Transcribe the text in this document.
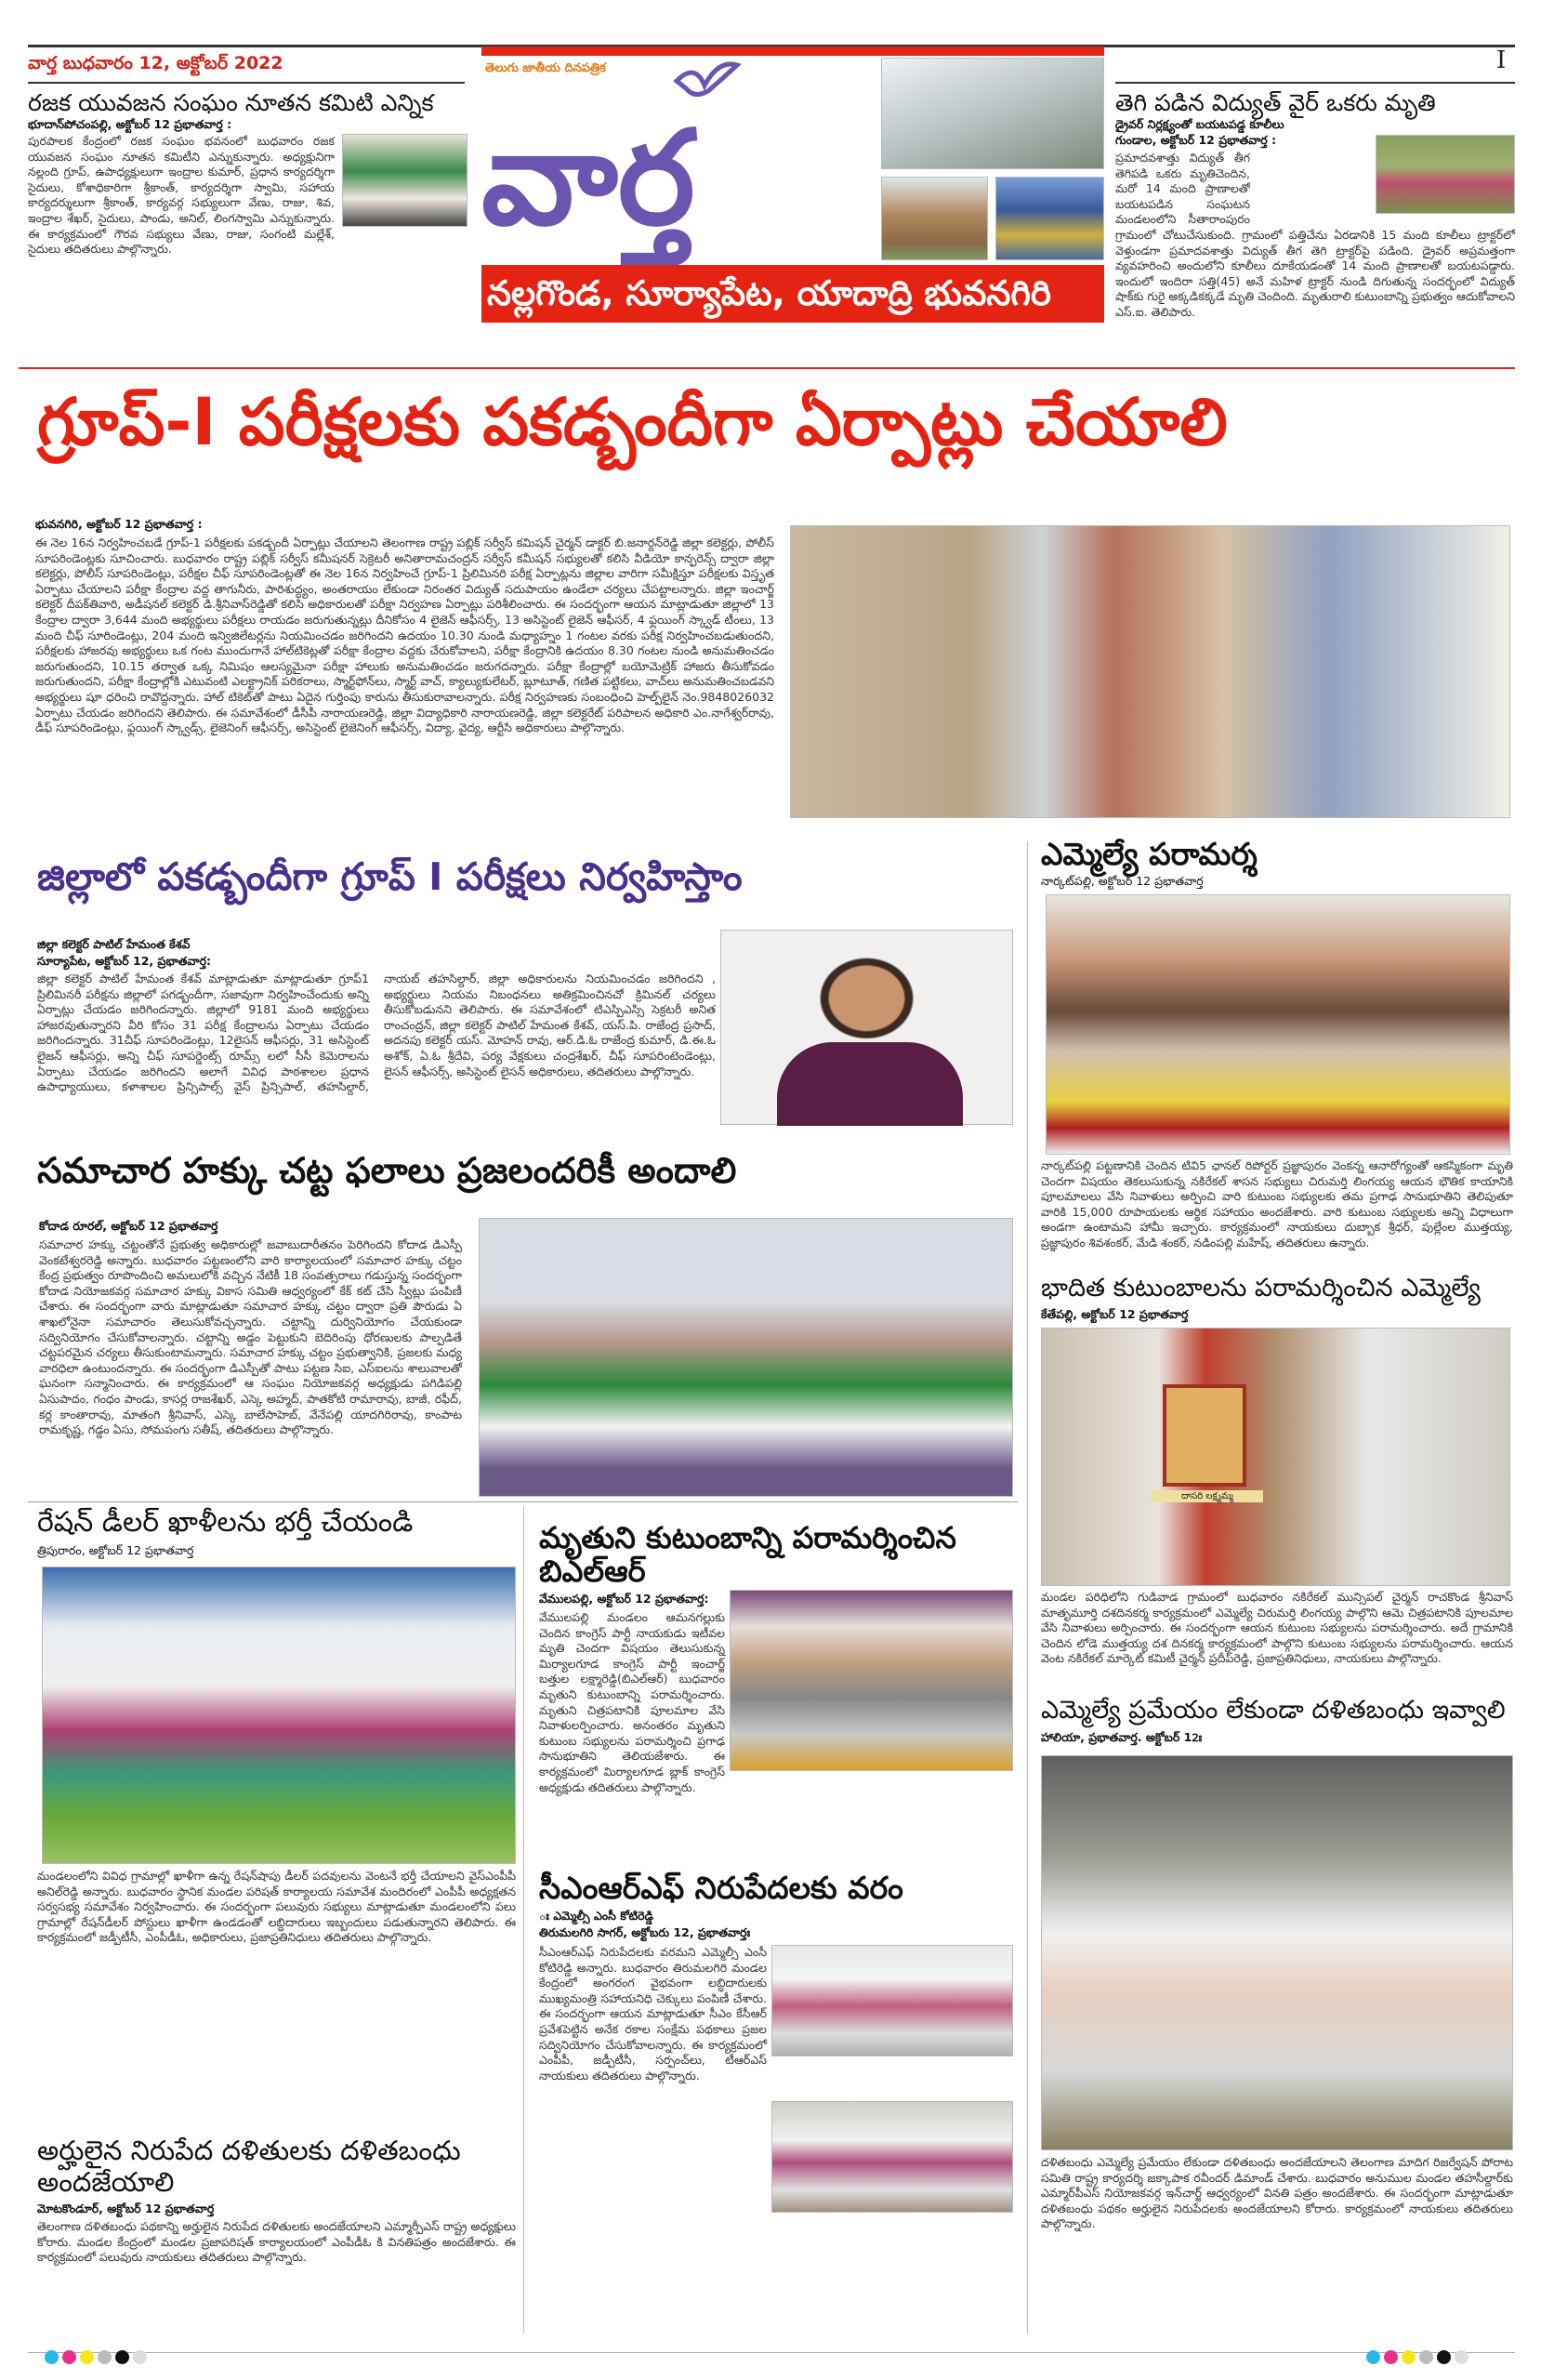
వార్త బుధవారం 12, అక్టోబర్ 2022	I
తెలుగు జాతీయ దినపత్రిక
వార్త
నల్లగొండ, సూర్యాపేట, యాదాద్రి భువనగిరి
రజక యువజన సంఘం నూతన కమిటి ఎన్నిక
భూదాన్‌పోచంపల్లి, అక్టోబర్ 12 ప్రభాతవార్త :
పురపాలక కేంద్రంలో రజక సంఘం భవనంలో బుధవారం రజక యువజన సంఘం నూతన కమిటీని ఎన్నుకున్నారు. అధ్యక్షునిగా నల్లంది గ్రూప్, ఉపాధ్యక్షులుగా ఇంద్రాల కుమార్, ప్రధాన కార్యదర్శిగా సైదులు, కోశాధికారిగా శ్రీకాంత్, కార్యదర్శిగా స్వామి, సహాయ కార్యదర్శులుగా శ్రీకాంత్, కార్యవర్గ సభ్యులుగా వేణు, రాజు, శివ, ఇంద్రాల శేఖర్, సైదులు, పాండు, అనిల్, లింగస్వామి ఎన్నుకున్నారు. ఈ కార్యక్రమంలో గౌరవ సభ్యులు వేణు, రాజు, సంగంటి మల్లేశ్, సైదులు తదితరులు పాల్గొన్నారు.
తెగి పడిన విద్యుత్ వైర్ ఒకరు మృతి
డ్రైవర్ నిర్లక్ష్యంతో బయటపడ్డ కూలీలు
గుండాల, అక్టోబర్ 12 ప్రభాతవార్త :
ప్రమాదవశాత్తు విద్యుత్ తీగ తెగిపడి ఒకరు మృతిచెందిన, మరో 14 మంది ప్రాణాలతో బయటపడిన సంఘటన మండలంలోని సీతారాంపురం గ్రామంలో చోటుచేసుకుంది. గ్రామంలో పత్తిచేను ఏరడానికి 15 మంది కూలీలు ట్రాక్టర్‌లో వెళ్తుండగా ప్రమాదవశాత్తు విద్యుత్ తీగ తెగి ట్రాక్టర్‌పై పడింది. డ్రైవర్ అప్రమత్తంగా వ్యవహరించి అందులోని కూలీలు దూకేయడంతో 14 మంది ప్రాణాలతో బయటపడ్డారు. ఇందులో ఇందిరా సత్తి(45) అనే మహిళ ట్రాక్టర్ నుండి దిగుతున్న సందర్భంలో విద్యుత్ షాక్‌కు గురై అక్కడికక్కడే మృతి చెందింది. మృతురాలి కుటుంబాన్ని ప్రభుత్వం ఆదుకోవాలని ఎస్.ఐ. తెలిపారు.
గ్రూప్-I పరీక్షలకు పకడ్బందీగా ఏర్పాట్లు చేయాలి
భువనగిరి, అక్టోబర్ 12 ప్రభాతవార్త :
ఈ నెల 16న నిర్వహించబడే గ్రూప్-1 పరీక్షలకు పకడ్బందీ ఏర్పాట్లు చేయాలని తెలంగాణ రాష్ట్ర పబ్లిక్ సర్వీస్ కమిషన్ చైర్మన్ డాక్టర్ బి.జనార్దన్‌రెడ్డి జిల్లా కలెక్టర్లు, పోలీస్ సూపరిండెంట్లకు సూచించారు. బుధవారం రాష్ట్ర పబ్లిక్ సర్వీస్ కమీషనర్ సెక్రెటరీ అనితారామచంద్రన్ సర్వీస్ కమీషన్ సభ్యులతో కలిసి వీడియో కాన్ఫరెన్స్ ద్వారా జిల్లా కలెక్టర్లు, పోలీస్ సూపరిండెంట్లు, పరీక్షల చీఫ్ సూపరిండెంట్లతో ఈ నెల 16న నిర్వహించే గ్రూప్-1 ప్రిలిమినరి పరీక్ష ఏర్పాట్లను జిల్లాల వారిగా సమీక్షిస్తూ పరీక్షలకు విస్తృత ఏర్పాటు చేయాలని పరీక్షా కేంద్రాల వద్ద తాగునీరు, పారిశుద్ధ్యం, అంతరాయం లేకుండా నిరంతర విద్యుత్ సదుపాయం ఉండేలా చర్యలు చేపట్టాలన్నారు. జిల్లా ఇంచార్జ్ కలెక్టర్ దీపక్‌తివారి, అడీషనల్ కలెక్టర్ డి.శ్రీనివాస్‌రెడ్డితో కలిసి అధికారులతో పరీక్షా నిర్వహణ ఏర్పాట్లు పరిశీలించారు. ఈ సందర్భంగా ఆయన మాట్లాడుతూ జిల్లాలో 13 కేంద్రాల ద్వారా 3,644 మంది అభ్యర్థులు పరీక్షలు రాయడం జరుగుతున్నట్లు దీనికోసం 4 లైజెన్ ఆఫీసర్స్, 13 అసిస్టెంట్ లైజెన్ ఆఫీసర్, 4 ఫ్లయింగ్ స్క్వాడ్ టీంలు, 13 మంది చీఫ్ సూరిండెంట్లు, 204 మంది ఇన్విజిలేటర్లను నియమించడం జరిగిందని ఉదయం 10.30 నుండి మధ్యాహ్నం 1 గంటల వరకు పరీక్ష నిర్వహించబడుతుందని, పరీక్షలకు హాజరవు అభ్యర్థులు ఒక గంట ముందుగానే హాల్‌టికెట్లతో పరీక్షా కేంద్రాల వద్దకు చేరుకోవాలని, పరీక్షా కేంద్రానికి ఉదయం 8.30 గంటల నుండి అనుమతించడం జరుగుతుందని, 10.15 తర్వాత ఒక్క నిమిషం ఆలస్యమైనా పరీక్షా హాలుకు అనుమతించడం జరుగదన్నారు. పరీక్షా కేంద్రాల్లో బయోమెట్రిక్ హాజరు తీసుకోవడం జరుగుతుందని, పరీక్షా కేంద్రాల్లోకి ఎటువంటి ఎలక్ట్రానిక్ పరికరాలు, స్మార్ట్‌ఫోన్‌లు, స్మార్ట్ వాచ్, క్యాల్యుకులేటర్, బ్లూటూత్, గణిత పట్టికలు, వాచ్‌లు అనుమతించబడవని అభ్యర్థులు షూ ధరించి రావొద్దన్నారు. హాల్ టికెట్‌తో పాటు ఏదైన గుర్తింపు కారును తీసుకురావాలన్నారు. పరీక్ష నిర్వహణకు సంబంధించి హెల్ప్‌లైన్ నెం.9848026032 ఏర్పాటు చేయడం జరిగిందని తెలిపారు. ఈ సమావేశంలో డీసీపీ నారాయణరెడ్డి, జిల్లా విద్యాధికారి నారాయణరెడ్డి, జిల్లా కలెక్టరేట్ పరిపాలన అధికారి ఎం.నాగేశ్వర్‌రావు, డీఫ్ సూపరిండెంట్లు, ఫ్లయింగ్ స్క్వాడ్స్, లైజెనింగ్ ఆఫీసర్స్, అసిస్టెంట్ లైజెనింగ్ ఆఫీసర్స్, విద్యా, వైద్య, ఆర్టీసి అధికారులు పాల్గొన్నారు.
జిల్లాలో పకడ్బందీగా గ్రూప్ I పరీక్షలు నిర్వహిస్తాం
జిల్లా కలెక్టర్ పాటిల్ హేమంత కేశవ్
సూర్యాపేట, అక్టోబర్ 12, ప్రభాతవార్త:
జిల్లా కలెక్టర్ పాటిల్ హేమంత కేశవ్ మాట్లాడుతూ మాట్లాడుతూ గ్రూప్1 ప్రిలిమినరీ పరీక్షను జిల్లాలో పగడ్బందీగా, సజావుగా నిర్వహించేందుకు అన్ని ఏర్పాట్లు చేయడం జరిగిందన్నారు. జిల్లాలో 9181 మంది అభ్యర్థులు హాజరవుతున్నారని వీరి కోసం 31 పరీక్ష కేంద్రాలను ఏర్పాటు చేయడం జరిగిందన్నారు. 31చీఫ్ సూపరిండెంట్లు, 12లైసన్ ఆఫీసర్లు, 31 అసిస్టెంట్ లైజన్ ఆఫీసర్లు, అన్ని చీఫ్ సూపర్డెంట్స్ రూమ్స్ లలో సీసీ కెమెరాలను ఏర్పాటు చేయడం జరిగిందని అలాగే వివిధ పాఠశాలల ప్రధాన ఉపాధ్యాయులు, కళాశాలల ప్రిన్సిపాల్స్ వైస్ ప్రిన్సిపాల్, తహసిల్దార్, నాయబ్ తహసిల్దార్, జిల్లా అధికారులను నియమించడం జరిగిందని , అభ్యర్థులు నియమ నిబంధనలు అతిక్రమించినచో క్రిమినల్ చర్యలు తీసుకోబడునని తెలిపారు. ఈ సమావేశంలో టిఎస్పిఎస్సి సెక్రటరీ అనిత రాంచంద్రన్, జిల్లా కలెక్టర్ పాటిల్ హేమంత కేశవ్, యస్.పి. రాజేంద్ర ప్రసాద్, అదనపు కలెక్టర్ యస్. మోహన్ రావు, ఆర్.డి.ఓ రాజేంద్ర కుమార్, డి.ఈ.ఓ అశోక్, ఏ.ఓ శ్రీదేవి, పర్య వేక్షకులు చంద్రశేఖర్, చీఫ్ సూపరింటెండెంట్లు, లైసన్ ఆఫీసర్స్, అసిస్టెంట్ లైసన్ అధికారులు, తదితరులు పాల్గొన్నారు.
సమాచార హక్కు చట్ట ఫలాలు ప్రజలందరికీ అందాలి
కోదాడ రూరల్, అక్టోబర్ 12 ప్రభాతవార్త
సమాచార హక్కు చట్టంతోనే ప్రభుత్వ అధికారుల్లో జవాబుదారీతనం పెరిగిందని కోదాడ డిఎస్పీ వెంకటేశ్వరరెడ్డి అన్నారు. బుధవారం పట్టణంలోని వారి కార్యాలయంలో సమాచార హక్కు చట్టం కేంద్ర ప్రభుత్వం రూపొందించి అమలులోకి వచ్చిన నేటికీ 18 సంవత్సరాలు గడుస్తున్న సందర్భంగా కోదాడ నియోజకవర్గ సమాచార హక్కు వికాస సమితి ఆధ్వర్యంలో కేక్ కట్ చేసి స్వీట్లు పంపిణీ చేశారు. ఈ సందర్భంగా వారు మాట్లాడుతూ సమాచార హక్కు చట్టం ద్వారా ప్రతి పౌరుడు ఏ శాఖలోనైనా సమాచారం తెలుసుకోవచ్చన్నారు. చట్టాన్ని దుర్వినియోగం చేయకుండా సద్వినియోగం చేసుకోవాలన్నారు. చట్టాన్ని అడ్డం పెట్టుకుని బెదిరింపు ధోరణులకు పాల్పడితే చట్టపరమైన చర్యలు తీసుకుంటామన్నారు. సమాచార హక్కు చట్టం ప్రభుత్వానికి, ప్రజలకు మధ్య వారధిలా ఉంటుందన్నారు. ఈ సందర్భంగా డిఎస్పీతో పాటు పట్టణ సిఐ, ఎస్ఐలను శాలువాలతో ఘనంగా సన్మానించారు. ఈ కార్యక్రమంలో ఆ సంఘం నియోజకవర్గ అధ్యక్షుడు పగిడిపల్లి ఏసుపాదం, గంధం పాండు, కాసర్ల రాజశేఖర్, ఎస్కె అహ్మద్, పాతకోటి రామారావు, బాజీ, రఫీద్, కర్ల కాంతారావు, మాతంగి శ్రీనివాస్, ఎస్కె బాలేసాహెబ్, వేనేపల్లి యాదగిరిరావు, కాంపాట రామకృష్ణ, గడ్డం ఏసు, సోమపంగు సతీష్, తదితరులు పాల్గొన్నారు.
రేషన్ డీలర్ ఖాళీలను భర్తీ చేయండి
త్రిపురారం, అక్టోబర్ 12 ప్రభాతవార్త
మండలంలోని వివిధ గ్రామాల్లో ఖాళీగా ఉన్న రేషన్‌షాపు డీలర్ పదవులను వెంటనే భర్తీ చేయాలని వైస్‌ఎంపీపీ అనిల్‌రెడ్డి అన్నారు. బుధవారం స్థానిక మండల పరిషత్ కార్యాలయ సమావేశ మందిరంలో ఎంపీపీ అధ్యక్షతన సర్వసభ్య సమావేశం నిర్వహించారు. ఈ సందర్భంగా పలువురు సభ్యులు మాట్లాడుతూ మండలంలోని పలు గ్రామాల్లో రేషన్‌డీలర్ పోస్టులు ఖాళీగా ఉండడంతో లబ్ధిదారులు ఇబ్బందులు పడుతున్నారని తెలిపారు. ఈ కార్యక్రమంలో జడ్పీటీసీ, ఎంపీడీఓ, అధికారులు, ప్రజాప్రతినిధులు తదితరులు పాల్గొన్నారు.
అర్హులైన నిరుపేద దళితులకు దళితబంధు అందజేయాలి
మోటకొండూర్, అక్టోబర్ 12 ప్రభాతవార్త
తెలంగాణ దళితబంధు పథకాన్ని అర్హులైన నిరుపేద దళితులకు అందజేయాలని ఎమ్మార్పీఎస్ రాష్ట్ర అధ్యక్షులు కోరారు. మండల కేంద్రంలో మండల ప్రజాపరిషత్ కార్యాలయంలో ఎంపీడీఓ కి వినతిపత్రం అందజేశారు. ఈ కార్యక్రమంలో పలువురు నాయకులు తదితరులు పాల్గొన్నారు.
మృతుని కుటుంబాన్ని పరామర్శించిన బిఎల్ఆర్
వేములపల్లి, అక్టోబర్ 12 ప్రభాతవార్త:
వేములపల్లి మండలం ఆమనగల్లుకు చెందిన కాంగ్రెస్ పార్టీ నాయకుడు ఇటీవల మృతి చెందగా విషయం తెలుసుకున్న మిర్యాలగూడ కాంగ్రెస్ పార్టీ ఇంచార్జ్ బత్తుల లక్ష్మారెడ్డి(బిఎల్ఆర్) బుధవారం మృతుని కుటుంబాన్ని పరామర్శించారు. మృతుని చిత్రపటానికి పూలమాల వేసి నివాళులర్పించారు. అనంతరం మృతుని కుటుంబ సభ్యులను పరామర్శించి ప్రగాఢ సానుభూతిని తెలియజేశారు. ఈ కార్యక్రమంలో మిర్యాలగూడ బ్లాక్ కాంగ్రెస్ అధ్యక్షుడు తదితరులు పాల్గొన్నారు.
సీఎంఆర్ఎఫ్ నిరుపేదలకు వరం
ః ఎమ్మెల్సీ ఎంసీ కోటిరెడ్డి
తిరుమలగిరి సాగర్, అక్టోబరు 12, ప్రభాతవార్తః
సీఎంఆర్ఎఫ్ నిరుపేదలకు వరమని ఎమ్మెల్సీ ఎంసీ కోటిరెడ్డి అన్నారు. బుధవారం తిరుమలగిరి మండల కేంద్రంలో అంగరంగ వైభవంగా లబ్ధిదారులకు ముఖ్యమంత్రి సహాయనిధి చెక్కులు పంపిణీ చేశారు. ఈ సందర్భంగా ఆయన మాట్లాడుతూ సీఎం కేసీఆర్ ప్రవేశపెట్టిన అనేక రకాల సంక్షేమ పథకాలు ప్రజల సద్వినియోగం చేసుకోవాలన్నారు. ఈ కార్యక్రమంలో ఎంపీపీ, జడ్పీటీసీ, సర్పంచ్‌లు, టీఆర్ఎస్ నాయకులు తదితరులు పాల్గొన్నారు.
ఎమ్మెల్యే పరామర్శ
నార్కట్‌పల్లి, అక్టోబర్ 12 ప్రభాతవార్త
నార్కట్‌పల్లి పట్టణానికి చెందిన టివి5 ఛానల్ రిపోర్టర్ ప్రజ్ఞాపురం వెంకన్న ఆనారోగ్యంతో ఆకస్మికంగా మృతి చెందగా విషయం తెకలుసుకున్న నకిరేకల్ శాసన సభ్యులు చిరుమర్తి లింగయ్య ఆయన భౌతిక కాయానికి పూలమాలలు వేసి నివాళులు అర్పించి వారి కుటుంబ సభ్యులకు తమ ప్రగాఢ సానుభూతిని తెలిపుతూ వారికి 15,000 రూపాయలకు ఆర్థిక సహాయం అందజేశారు. వారి కుటుంబ సభ్యులకు అన్ని విధాలుగా అండగా ఉంటామని హామీ ఇచ్చారు. కార్యక్రమంలో నాయకులు దుబ్బాక శ్రీధర్, పుల్లేంల ముత్తయ్య, ప్రజ్ఞాపురం శివశంకర్, మేడి శంకర్, నడింపల్లి మహేష్, తదితరులు ఉన్నారు.
భాదిత కుటుంబాలను పరామర్శించిన ఎమ్మెల్యే
కేతేపల్లి, అక్టోబర్ 12 ప్రభాతవార్త
దాసరి లక్ష్మమ్మ
మండల పరిధిలోని గుడివాడ గ్రామంలో బుధవారం నకిరేకల్ మున్సిపల్ చైర్మన్ రాచకొండ శ్రీనివాస్ మాతృమూర్తి దశదినకర్మ కార్యక్రమంలో ఎమ్మెల్యే చిరుమర్తి లింగయ్య పాల్గొని ఆమె చిత్రపటానికి పూలమాల వేసి నివాళులు అర్పించారు. ఈ సందర్భంగా ఆయన కుటుంబ సభ్యులను పరామర్శించారు. అదే గ్రామానికి చెందిన లోడె ముత్తయ్య దశ దినకర్మ కార్యక్రమంలో పాల్గొని కుటుంబ సభ్యులను పరామర్శించారు. ఆయన వెంట నకిరేకల్ మార్కెట్ కమిటీ చైర్మన్ ప్రదీప్‌రెడ్డి, ప్రజాప్రతినిధులు, నాయకులు పాల్గొన్నారు.
ఎమ్మెల్యే ప్రమేయం లేకుండా దళితబంధు ఇవ్వాలి
హాలియా, ప్రభాతవార్త. అక్టోబర్ 12ః
దళితబంధు ఎమ్మెల్యే ప్రమేయం లేకుండా దళితబంధు అందజేయాలని తెలంగాణ మాదిగ రిజర్వేషన్ పోరాట సమితి రాష్ట్ర కార్యదర్శి జక్కాపాక రవీందర్ డిమాండ్ చేశారు. బుధవారం అనుముల మండల తహసీల్దార్‌కు ఎమ్మార్‌పీఎస్ నియోజకవర్గ ఇన్‌చార్జ్ ఆధ్వర్యంలో వినతి పత్రం అందజేశారు. ఈ సందర్భంగా మాట్లాడుతూ దళితబంధు పథకం అర్హులైన నిరుపేదలకు అందజేయాలని కోరారు. కార్యక్రమంలో నాయకులు తదితరులు పాల్గొన్నారు.
